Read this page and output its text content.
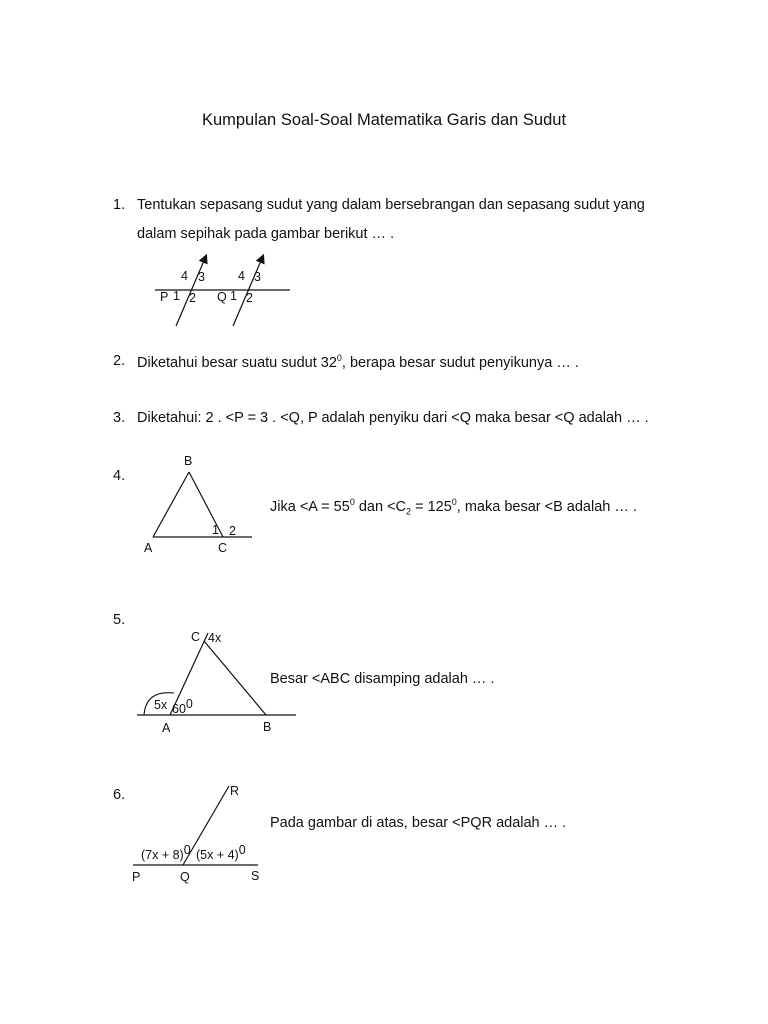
Kumpulan Soal-Soal Matematika Garis dan Sudut
1. Tentukan sepasang sudut yang dalam bersebrangan dan sepasang sudut yang
dalam sepihak pada gambar berikut … .
4 3
P 1 2
4 3
Q 1 2
2. Diketahui besar suatu sudut $32^0$, berapa besar sudut penyikunya … .
3. Diketahui: 2 . <P = 3 . <Q, P adalah penyiku dari <Q maka besar <Q adalah … .
4.
Jika $<A = 55^0$ dan $<C_2 = 125^0$, maka besar <B adalah … .
B
A	C
1 2
5.
Besar <ABC disamping adalah … .
C 4x
5x 600
A	B
6.
Pada gambar di atas, besar <PQR adalah … .
R
(7x + 8)0 (5x + 4)0
P	Q	S
